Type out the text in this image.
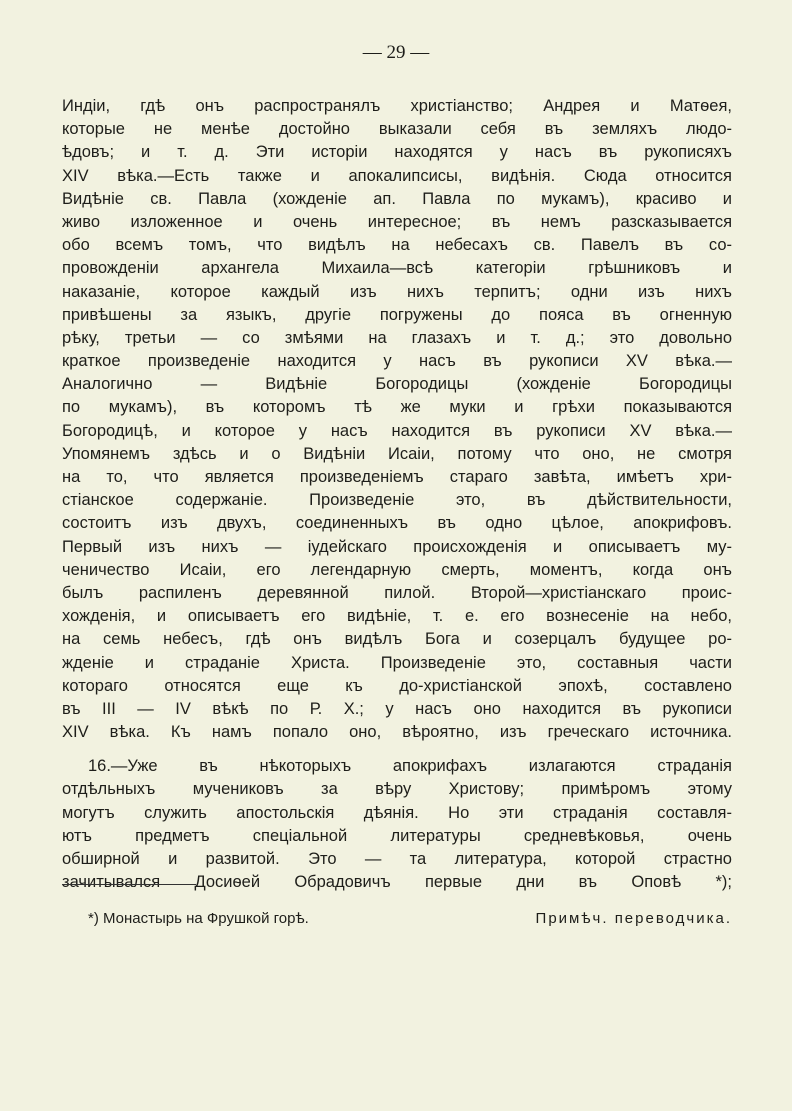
— 29 —
Индіи, гдѣ онъ распространялъ христіанство; Андрея и Матѳея,
которые не менѣе достойно выказали себя въ земляхъ людо-
ѣдовъ; и т. д. Эти исторіи находятся у насъ въ рукописяхъ
XIV вѣка.—Есть также и апокалипсисы, видѣнія. Сюда относится
Видѣніе св. Павла (хожденіе ап. Павла по мукамъ), красиво и
живо изложенное и очень интересное; въ немъ разсказывается
обо всемъ томъ, что видѣлъ на небесахъ св. Павелъ въ со-
провожденіи архангела Михаила—всѣ категоріи грѣшниковъ и
наказаніе, которое каждый изъ нихъ терпитъ; одни изъ нихъ
привѣшены за языкъ, другіе погружены до пояса въ огненную
рѣку, третьи — со змѣями на глазахъ и т. д.; это довольно
краткое произведеніе находится у насъ въ рукописи XV вѣка.—
Аналогично — Видѣніе Богородицы (хожденіе Богородицы
по мукамъ), въ которомъ тѣ же муки и грѣхи показываются
Богородицѣ, и которое у насъ находится въ рукописи XV вѣка.—
Упомянемъ здѣсь и о Видѣніи Исаіи, потому что оно, не смотря
на то, что является произведеніемъ стараго завѣта, имѣетъ хри-
стіанское содержаніе. Произведеніе это, въ дѣйствительности,
состоитъ изъ двухъ, соединенныхъ въ одно цѣлое, апокрифовъ.
Первый изъ нихъ — іудейскаго происхожденія и описываетъ му-
ченичество Исаіи, его легендарную смерть, моментъ, когда онъ
былъ распиленъ деревянной пилой. Второй—христіанскаго проис-
хожденія, и описываетъ его видѣніе, т. е. его вознесеніе на небо,
на семь небесъ, гдѣ онъ видѣлъ Бога и созерцалъ будущее ро-
жденіе и страданіе Христа. Произведеніе это, составныя части
котораго относятся еще къ до-христіанской эпохѣ, составлено
въ III — IV вѣкѣ по Р. Х.; у насъ оно находится въ рукописи
XIV вѣка. Къ намъ попало оно, вѣроятно, изъ греческаго источника.
16.—Уже въ нѣкоторыхъ апокрифахъ излагаются страданія
отдѣльныхъ мучениковъ за вѣру Христову; примѣромъ этому
могутъ служить апостольскія дѣянія. Но эти страданія составля-
ютъ предметъ спеціальной литературы средневѣковья, очень
обширной и развитой. Это — та литература, которой страстно
зачитывался Досиѳей Обрадовичъ первые дни въ Оповѣ *);
*) Монастырь на Фрушкой горѣ.	Примѣч. переводчика.
